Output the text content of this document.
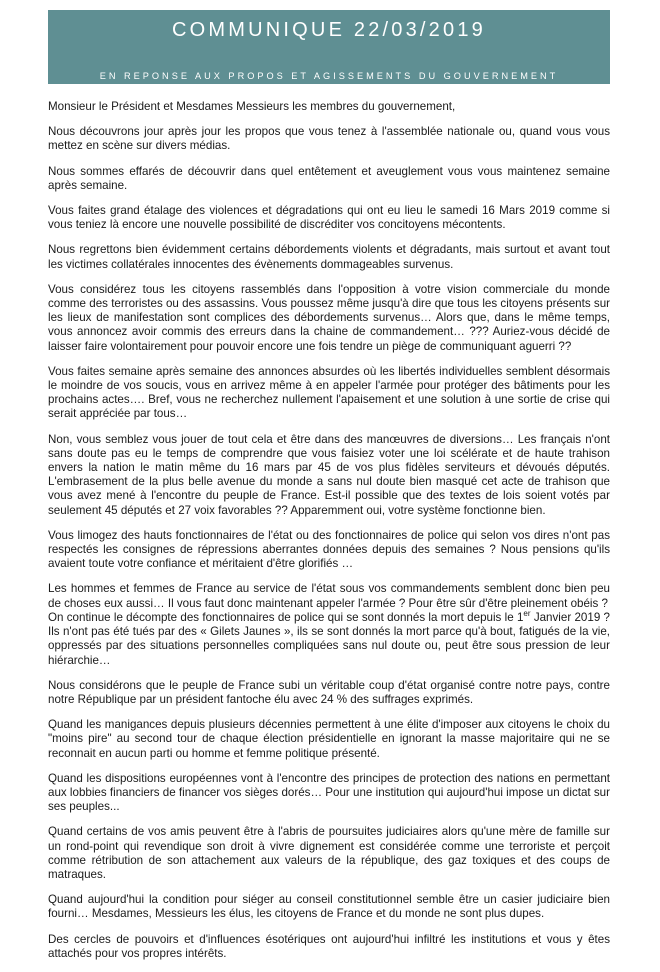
COMMUNIQUE 22/03/2019
EN REPONSE AUX PROPOS ET AGISSEMENTS DU GOUVERNEMENT

Monsieur le Président et Mesdames Messieurs les membres du gouvernement,

Nous découvrons jour après jour les propos que vous tenez à l'assemblée nationale ou, quand vous vous mettez en scène sur divers médias.

Nous sommes effarés de découvrir dans quel entêtement et aveuglement vous vous maintenez semaine après semaine.

Vous faites grand étalage des violences et dégradations qui ont eu lieu le samedi 16 Mars 2019 comme si vous teniez là encore une nouvelle possibilité de discréditer vos concitoyens mécontents.

Nous regrettons bien évidemment certains débordements violents et dégradants, mais surtout et avant tout les victimes collatérales innocentes des évènements dommageables survenus.

Vous considérez tous les citoyens rassemblés dans l'opposition à votre vision commerciale du monde comme des terroristes ou des assassins. Vous poussez même jusqu'à dire que tous les citoyens présents sur les lieux de manifestation sont complices des débordements survenus… Alors que, dans le même temps, vous annoncez avoir commis des erreurs dans la chaine de commandement… ??? Auriez-vous décidé de laisser faire volontairement pour pouvoir encore une fois tendre un piège de communiquant aguerri ??

Vous faites semaine après semaine des annonces absurdes où les libertés individuelles semblent désormais le moindre de vos soucis, vous en arrivez même à en appeler l'armée pour protéger des bâtiments pour les prochains actes…. Bref, vous ne recherchez nullement l'apaisement et une solution à une sortie de crise qui serait appréciée par tous…

Non, vous semblez vous jouer de tout cela et être dans des manœuvres de diversions… Les français n'ont sans doute pas eu le temps de comprendre que vous faisiez voter une loi scélérate et de haute trahison envers la nation le matin même du 16 mars par 45 de vos plus fidèles serviteurs et dévoués députés. L'embrasement de la plus belle avenue du monde a sans nul doute bien masqué cet acte de trahison que vous avez mené à l'encontre du peuple de France. Est-il possible que des textes de lois soient votés par seulement 45 députés et 27 voix favorables ?? Apparemment oui, votre système fonctionne bien.

Vous limogez des hauts fonctionnaires de l'état ou des fonctionnaires de police qui selon vos dires n'ont pas respectés les consignes de répressions aberrantes données depuis des semaines ? Nous pensions qu'ils avaient toute votre confiance et méritaient d'être glorifiés …

Les hommes et femmes de France au service de l'état sous vos commandements semblent donc bien peu de choses eux aussi… Il vous faut donc maintenant appeler l'armée ? Pour être sûr d'être pleinement obéis ?
On continue le décompte des fonctionnaires de police qui se sont donnés la mort depuis le 1er Janvier 2019 ? Ils n'ont pas été tués par des « Gilets Jaunes », ils se sont donnés la mort parce qu'à bout, fatigués de la vie, oppressés par des situations personnelles compliquées sans nul doute ou, peut être sous pression de leur hiérarchie…

Nous considérons que le peuple de France subi un véritable coup d'état organisé contre notre pays, contre notre République par un président fantoche élu avec 24 % des suffrages exprimés.

Quand les manigances depuis plusieurs décennies permettent à une élite d'imposer aux citoyens le choix du "moins pire" au second tour de chaque élection présidentielle en ignorant la masse majoritaire qui ne se reconnait en aucun parti ou homme et femme politique présenté.

Quand les dispositions européennes vont à l'encontre des principes de protection des nations en permettant aux lobbies financiers de financer vos sièges dorés… Pour une institution qui aujourd'hui impose un dictat sur ses peuples...

Quand certains de vos amis peuvent être à l'abris de poursuites judiciaires alors qu'une mère de famille sur un rond-point qui revendique son droit à vivre dignement est considérée comme une terroriste et perçoit comme rétribution de son attachement aux valeurs de la république, des gaz toxiques et des coups de matraques.

Quand aujourd'hui la condition pour siéger au conseil constitutionnel semble être un casier judiciaire bien fourni… Mesdames, Messieurs les élus, les citoyens de France et du monde ne sont plus dupes.

Des cercles de pouvoirs et d'influences ésotériques ont aujourd'hui infiltré les institutions et vous y êtes attachés pour vos propres intérêts.
